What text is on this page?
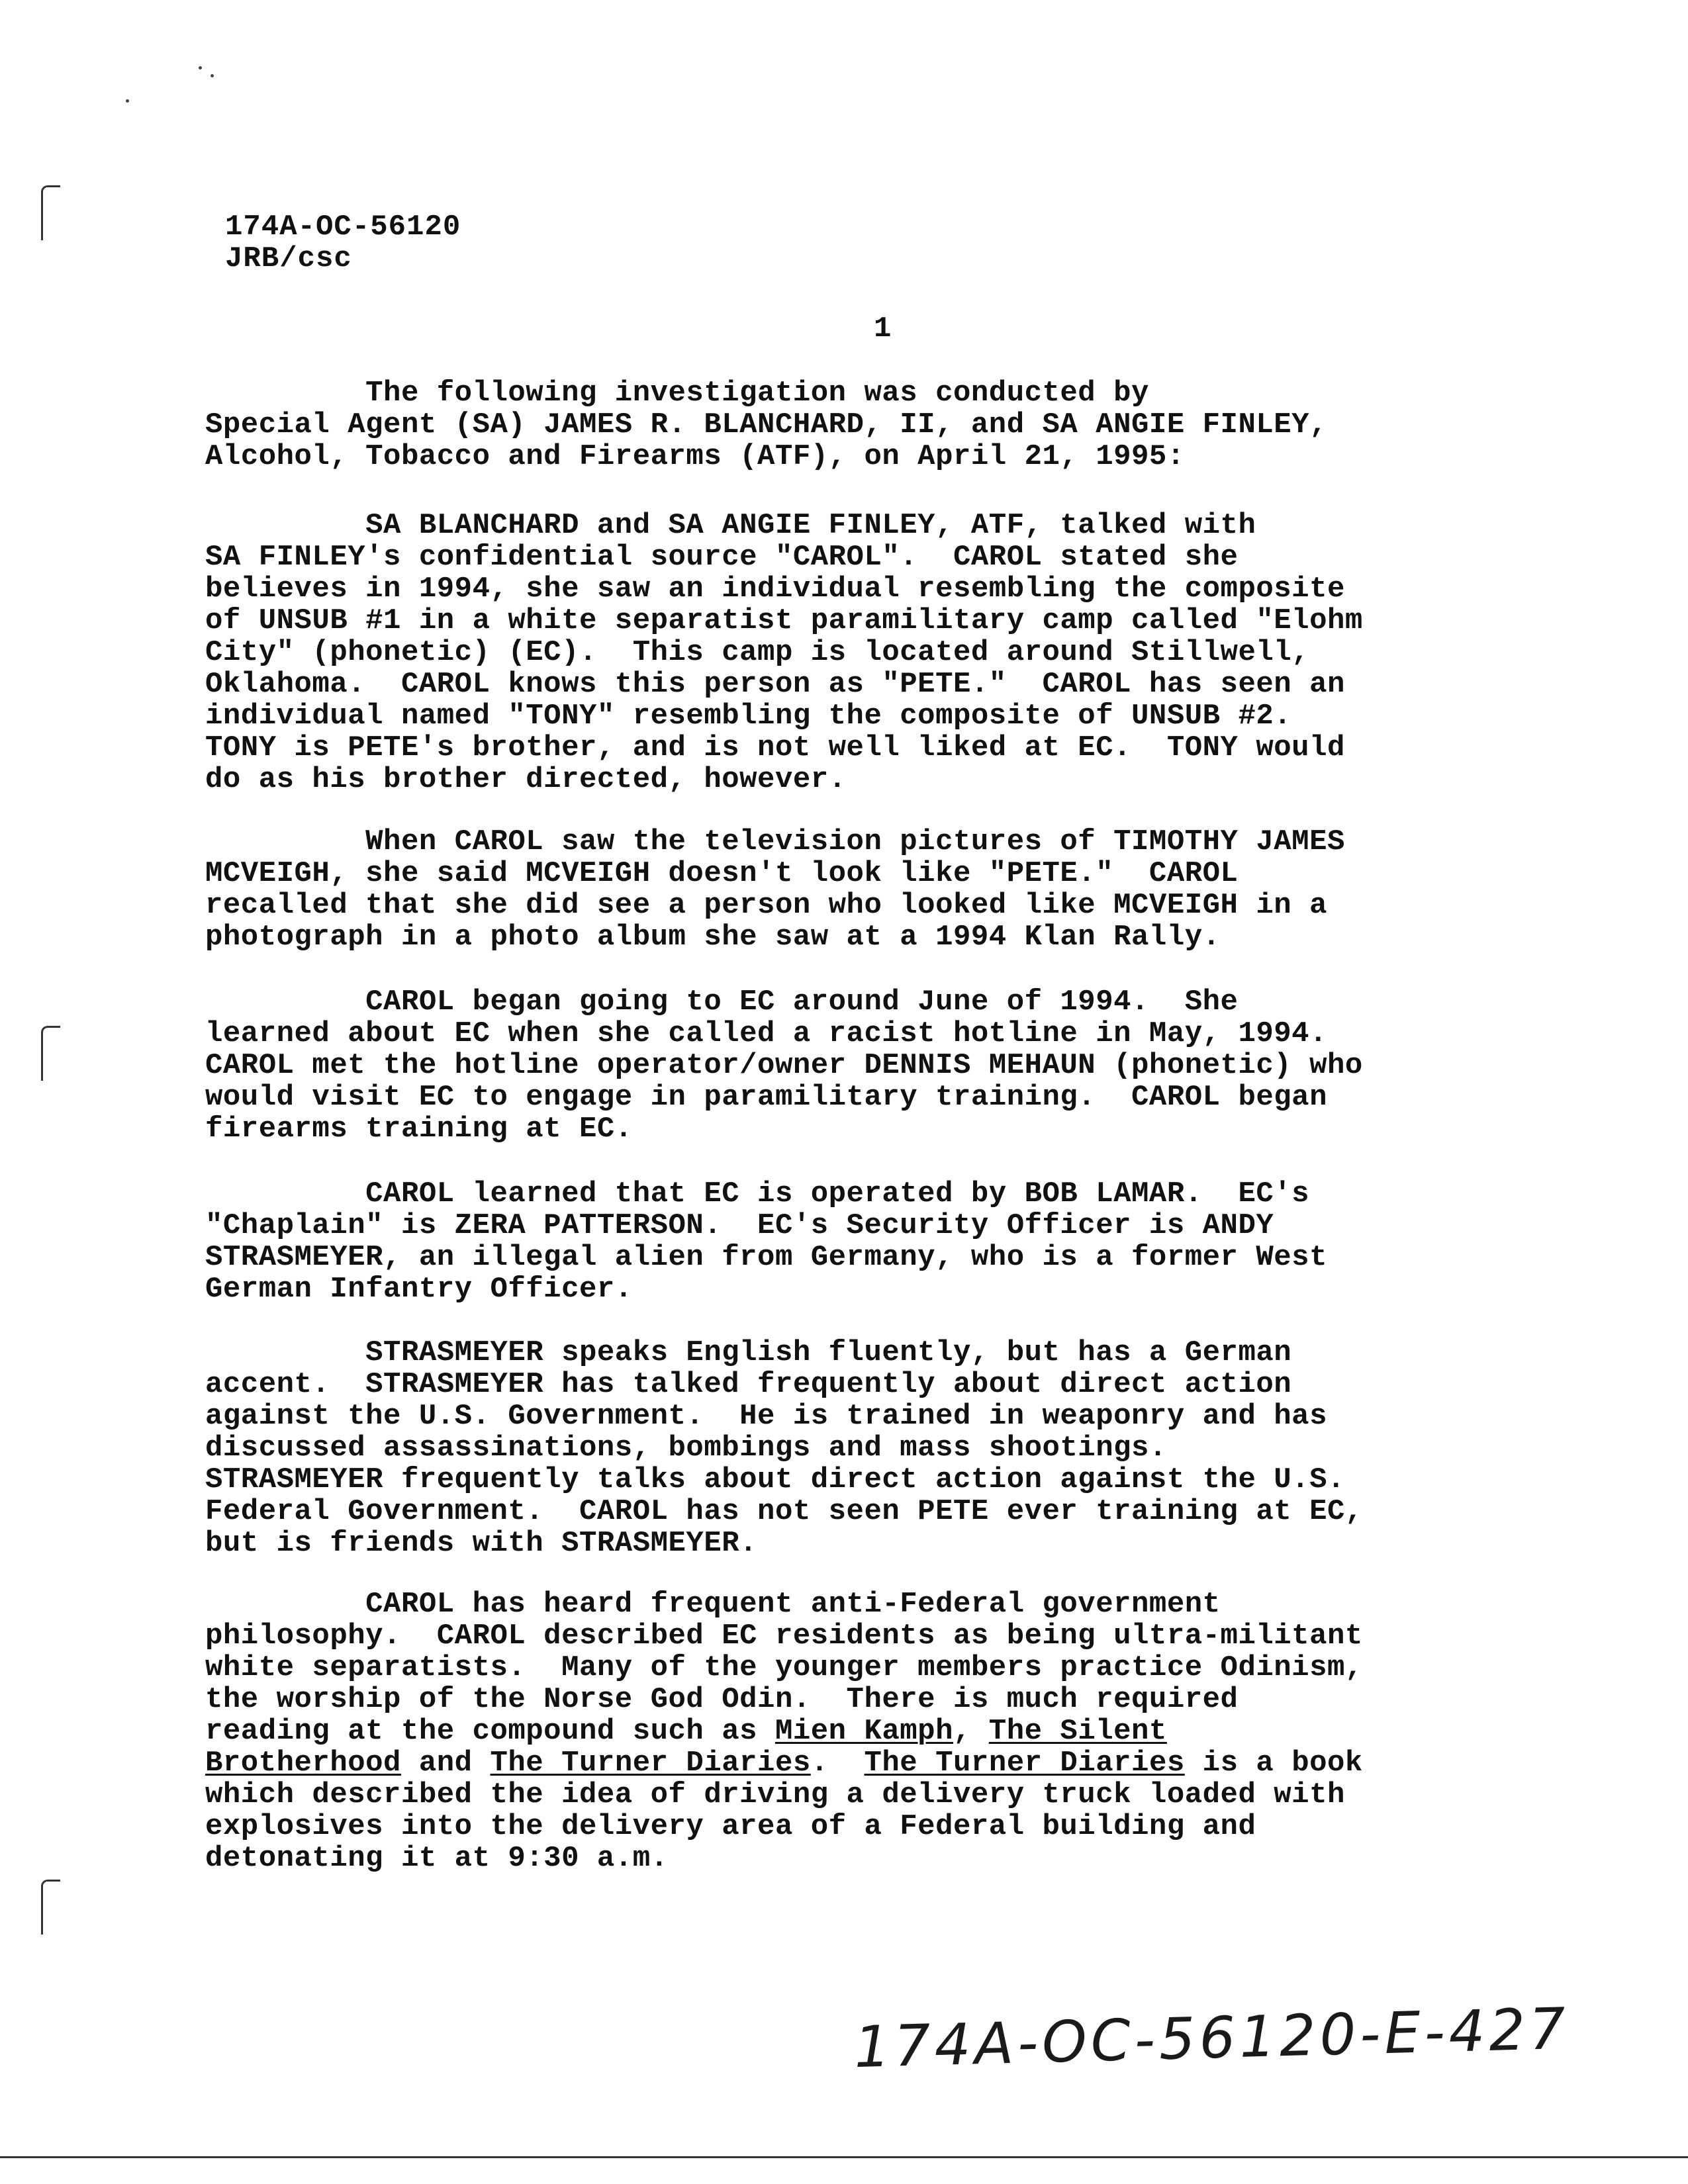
174A-OC-56120
JRB/csc
1
The following investigation was conducted by
Special Agent (SA) JAMES R. BLANCHARD, II, and SA ANGIE FINLEY,
Alcohol, Tobacco and Firearms (ATF), on April 21, 1995:
SA BLANCHARD and SA ANGIE FINLEY, ATF, talked with
SA FINLEY's confidential source "CAROL".  CAROL stated she
believes in 1994, she saw an individual resembling the composite
of UNSUB #1 in a white separatist paramilitary camp called "Elohm
City" (phonetic) (EC).  This camp is located around Stillwell,
Oklahoma.  CAROL knows this person as "PETE."  CAROL has seen an
individual named "TONY" resembling the composite of UNSUB #2.
TONY is PETE's brother, and is not well liked at EC.  TONY would
do as his brother directed, however.
When CAROL saw the television pictures of TIMOTHY JAMES
MCVEIGH, she said MCVEIGH doesn't look like "PETE."  CAROL
recalled that she did see a person who looked like MCVEIGH in a
photograph in a photo album she saw at a 1994 Klan Rally.
CAROL began going to EC around June of 1994.  She
learned about EC when she called a racist hotline in May, 1994.
CAROL met the hotline operator/owner DENNIS MEHAUN (phonetic) who
would visit EC to engage in paramilitary training.  CAROL began
firearms training at EC.
CAROL learned that EC is operated by BOB LAMAR.  EC's
"Chaplain" is ZERA PATTERSON.  EC's Security Officer is ANDY
STRASMEYER, an illegal alien from Germany, who is a former West
German Infantry Officer.
STRASMEYER speaks English fluently, but has a German
accent.  STRASMEYER has talked frequently about direct action
against the U.S. Government.  He is trained in weaponry and has
discussed assassinations, bombings and mass shootings.
STRASMEYER frequently talks about direct action against the U.S.
Federal Government.  CAROL has not seen PETE ever training at EC,
but is friends with STRASMEYER.
CAROL has heard frequent anti-Federal government
philosophy.  CAROL described EC residents as being ultra-militant
white separatists.  Many of the younger members practice Odinism,
the worship of the Norse God Odin.  There is much required
reading at the compound such as Mien Kamph, The Silent
Brotherhood and The Turner Diaries.  The Turner Diaries is a book
which described the idea of driving a delivery truck loaded with
explosives into the delivery area of a Federal building and
detonating it at 9:30 a.m.
174A-OC-56120-E-427
